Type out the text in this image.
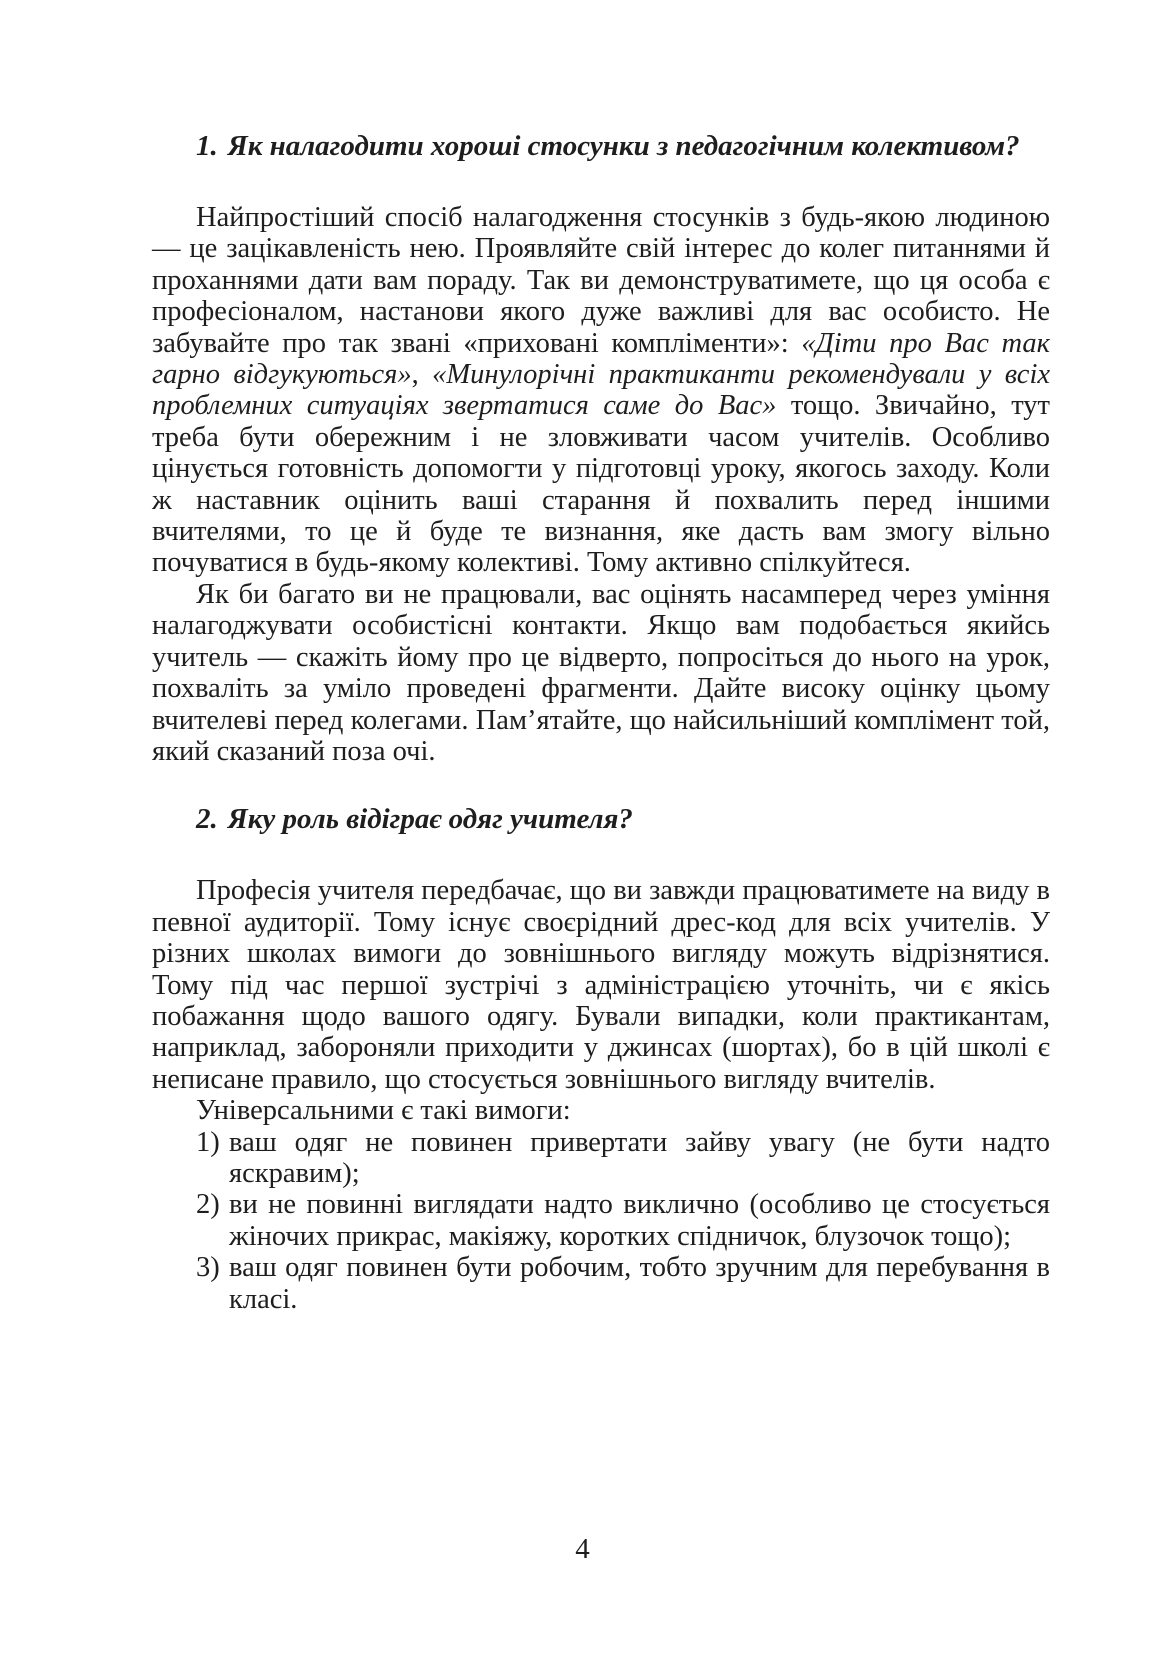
1. Як налагодити хороші стосунки з педагогічним колективом?

Найпростіший спосіб налагодження стосунків з будь-якою людиною — це зацікавленість нею. Проявляйте свій інтерес до колег питаннями й проханнями дати вам пораду. Так ви демонструватимете, що ця особа є професіоналом, настанови якого дуже важливі для вас особисто. Не забувайте про так звані «приховані компліменти»: «Діти про Вас так гарно відгукуються», «Минулорічні практиканти рекомендували у всіх проблемних ситуаціях звертатися саме до Вас» тощо. Звичайно, тут треба бути обережним і не зловживати часом учителів. Особливо цінується готовність допомогти у підготовці уроку, якогось заходу. Коли ж наставник оцінить ваші старання й похвалить перед іншими вчителями, то це й буде те визнання, яке дасть вам змогу вільно почуватися в будь-якому колективі. Тому активно спілкуйтеся.

Як би багато ви не працювали, вас оцінять насамперед через уміння налагоджувати особистісні контакти. Якщо вам подобається якийсь учитель — скажіть йому про це відверто, попросіться до нього на урок, похваліть за уміло проведені фрагменти. Дайте високу оцінку цьому вчителеві перед колегами. Пам’ятайте, що найсильніший комплімент той, який сказаний поза очі.

2. Яку роль відіграє одяг учителя?

Професія учителя передбачає, що ви завжди працюватимете на виду в певної аудиторії. Тому існує своєрідний дрес-код для всіх учителів. У різних школах вимоги до зовнішнього вигляду можуть відрізнятися. Тому під час першої зустрічі з адміністрацією уточніть, чи є якісь побажання щодо вашого одягу. Бували випадки, коли практикантам, наприклад, забороняли приходити у джинсах (шортах), бо в цій школі є неписане правило, що стосується зовнішнього вигляду вчителів.

Універсальними є такі вимоги:

1) ваш одяг не повинен привертати зайву увагу (не бути надто яскравим);
2) ви не повинні виглядати надто виклично (особливо це стосується жіночих прикрас, макіяжу, коротких спідничок, блузочок тощо);
3) ваш одяг повинен бути робочим, тобто зручним для перебування в класі.
4
